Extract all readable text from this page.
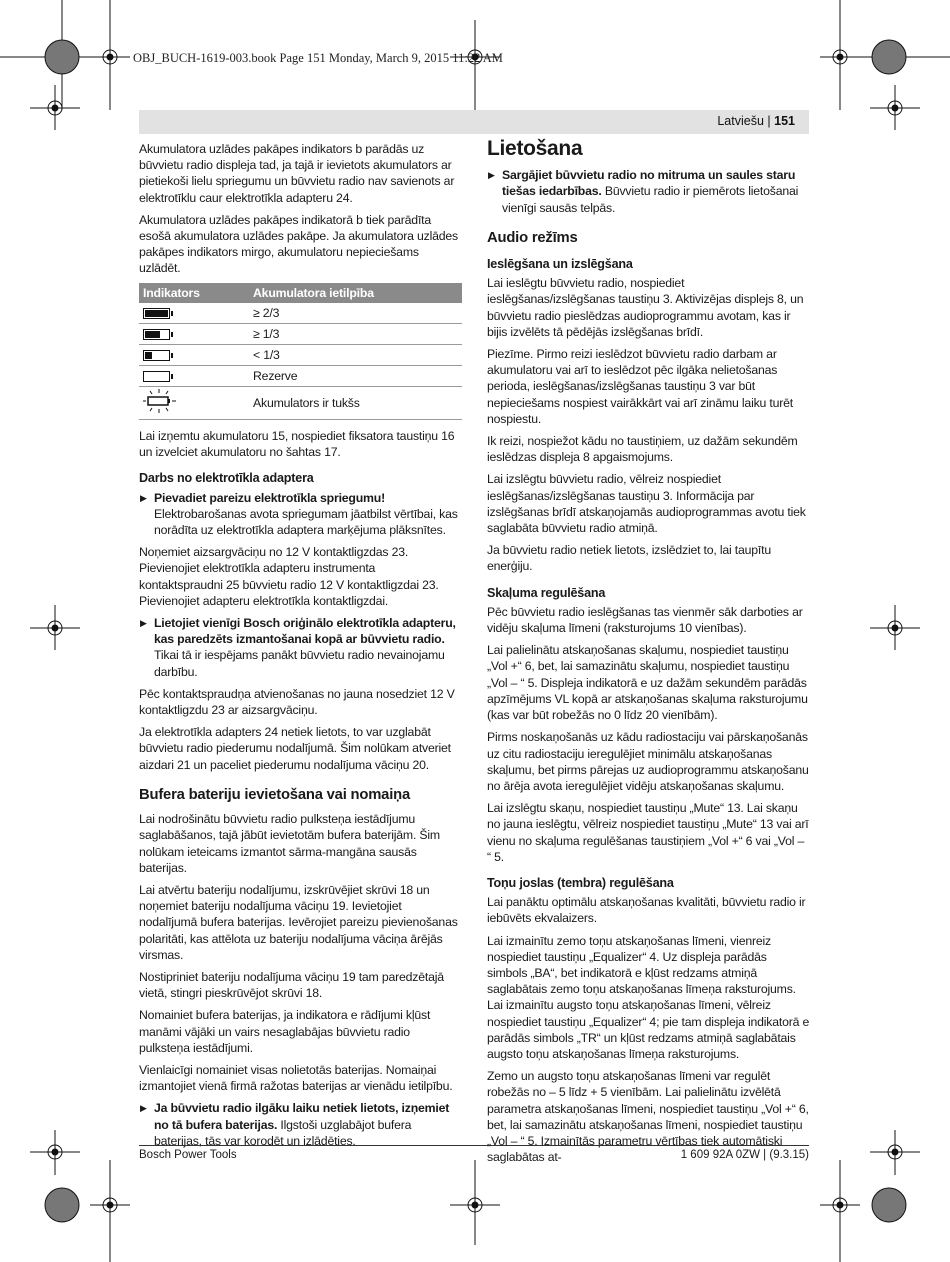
OBJ_BUCH-1619-003.book Page 151 Monday, March 9, 2015 11:22 AM
Latviešu | 151

Akumulatora uzlādes pakāpes indikators b parādās uz būvvietu radio displeja tad, ja tajā ir ievietots akumulators ar pietiekoši lielu spriegumu un būvvietu radio nav savienots ar elektrotīklu caur elektrotīkla adapteru 24.

Akumulatora uzlādes pakāpes indikatorā b tiek parādīta esošā akumulatora uzlādes pakāpe. Ja akumulatora uzlādes pakāpes indikators mirgo, akumulatoru nepieciešams uzlādēt.

Indikators	Akumulatora ietilpība

	≥ 2/3

	≥ 1/3

	< 1/3
	Rezerve
	Akumulators ir tukšs

Lai izņemtu akumulatoru 15, nospiediet fiksatora taustiņu 16 un izvelciet akumulatoru no šahtas 17.

Darbs no elektrotīkla adaptera
▶ Pievadiet pareizu elektrotīkla spriegumu! Elektrobarošanas avota spriegumam jāatbilst vērtībai, kas norādīta uz elektrotīkla adaptera marķējuma plāksnītes.

Noņemiet aizsargvāciņu no 12 V kontaktligzdas 23. Pievienojiet elektrotīkla adapteru instrumenta kontaktspraudni 25 būvvietu radio 12 V kontaktligzdai 23. Pievienojiet adapteru elektrotīkla kontaktligzdai.

▶ Lietojiet vienīgi Bosch oriģinālo elektrotīkla adapteru, kas paredzēts izmantošanai kopā ar būvvietu radio. Tikai tā ir iespējams panākt būvvietu radio nevainojamu darbību.

Pēc kontaktspraudņa atvienošanas no jauna nosedziet 12 V kontaktligzdu 23 ar aizsargvāciņu.

Ja elektrotīkla adapters 24 netiek lietots, to var uzglabāt būvvietu radio piederumu nodalījumā. Šim nolūkam atveriet aizdari 21 un paceliet piederumu nodalījuma vāciņu 20.

Bufera bateriju ievietošana vai nomaiņa

Lai nodrošinātu būvvietu radio pulksteņa iestādījumu saglabāšanos, tajā jābūt ievietotām bufera baterijām. Šim nolūkam ieteicams izmantot sārma-mangāna sausās baterijas.

Lai atvērtu bateriju nodalījumu, izskrūvējiet skrūvi 18 un noņemiet bateriju nodalījuma vāciņu 19. Ievietojiet nodalījumā bufera baterijas. Ievērojiet pareizu pievienošanas polaritāti, kas attēlota uz bateriju nodalījuma vāciņa ārējās virsmas.

Nostipriniet bateriju nodalījuma vāciņu 19 tam paredzētajā vietā, stingri pieskrūvējot skrūvi 18.

Nomainiet bufera baterijas, ja indikatora e rādījumi kļūst manāmi vājāki un vairs nesaglabājas būvvietu radio pulksteņa iestādījumi.

Vienlaicīgi nomainiet visas nolietotās baterijas. Nomaiņai izmantojiet vienā firmā ražotas baterijas ar vienādu ietilpību.

▶ Ja būvvietu radio ilgāku laiku netiek lietots, izņemiet no tā bufera baterijas. Ilgstoši uzglabājot bufera baterijas, tās var korodēt un izlādēties.
Lietošana
▶ Sargājiet būvvietu radio no mitruma un saules staru tiešas iedarbības. Būvvietu radio ir piemērots lietošanai vienīgi sausās telpās.
Audio režīms
Ieslēgšana un izslēgšana

Lai ieslēgtu būvvietu radio, nospiediet ieslēgšanas/izslēgšanas taustiņu 3. Aktivizējas displejs 8, un būvvietu radio pieslēdzas audioprogrammu avotam, kas ir bijis izvēlēts tā pēdējās izslēgšanas brīdī.

Piezīme. Pirmo reizi ieslēdzot būvvietu radio darbam ar akumulatoru vai arī to ieslēdzot pēc ilgāka nelietošanas perioda, ieslēgšanas/izslēgšanas taustiņu 3 var būt nepieciešams nospiest vairākkārt vai arī zināmu laiku turēt nospiestu.

Ik reizi, nospiežot kādu no taustiņiem, uz dažām sekundēm ieslēdzas displeja 8 apgaismojums.

Lai izslēgtu būvvietu radio, vēlreiz nospiediet ieslēgšanas/izslēgšanas taustiņu 3. Informācija par izslēgšanas brīdī atskaņojamās audioprogrammas avotu tiek saglabāta būvvietu radio atmiņā.

Ja būvvietu radio netiek lietots, izslēdziet to, lai taupītu enerģiju.

Skaļuma regulēšana

Pēc būvvietu radio ieslēgšanas tas vienmēr sāk darboties ar vidēju skaļuma līmeni (raksturojums 10 vienības).

Lai palielinātu atskaņošanas skaļumu, nospiediet taustiņu „Vol +“ 6, bet, lai samazinātu skaļumu, nospiediet taustiņu „Vol – “ 5. Displeja indikatorā e uz dažām sekundēm parādās apzīmējums VL kopā ar atskaņošanas skaļuma raksturojumu (kas var būt robežās no 0 līdz 20 vienībām).

Pirms noskaņošanās uz kādu radiostaciju vai pārskaņošanās uz citu radiostaciju ieregulējiet minimālu atskaņošanas skaļumu, bet pirms pārejas uz audioprogrammu atskaņošanu no ārēja avota ieregulējiet vidēju atskaņošanas skaļumu.

Lai izslēgtu skaņu, nospiediet taustiņu „Mute“ 13. Lai skaņu no jauna ieslēgtu, vēlreiz nospiediet taustiņu „Mute“ 13 vai arī vienu no skaļuma regulēšanas taustiņiem „Vol +“ 6 vai „Vol – “ 5.

Toņu joslas (tembra) regulēšana

Lai panāktu optimālu atskaņošanas kvalitāti, būvvietu radio ir iebūvēts ekvalaizers.

Lai izmainītu zemo toņu atskaņošanas līmeni, vienreiz nospiediet taustiņu „Equalizer“ 4. Uz displeja parādās simbols „BA“, bet indikatorā e kļūst redzams atmiņā saglabātais zemo toņu atskaņošanas līmeņa raksturojums. Lai izmainītu augsto toņu atskaņošanas līmeni, vēlreiz nospiediet taustiņu „Equalizer“ 4; pie tam displeja indikatorā e parādās simbols „TR“ un kļūst redzams atmiņā saglabātais augsto toņu atskaņošanas līmeņa raksturojums.

Zemo un augsto toņu atskaņošanas līmeni var regulēt robežās no – 5 līdz + 5 vienībām. Lai palielinātu izvēlētā parametra atskaņošanas līmeni, nospiediet taustiņu „Vol +“ 6, bet, lai samazinātu atskaņošanas līmeni, nospiediet taustiņu „Vol – “ 5. Izmainītās parametru vērtības tiek automātiski saglabātas at-

Bosch Power Tools	1 609 92A 0ZW | (9.3.15)
